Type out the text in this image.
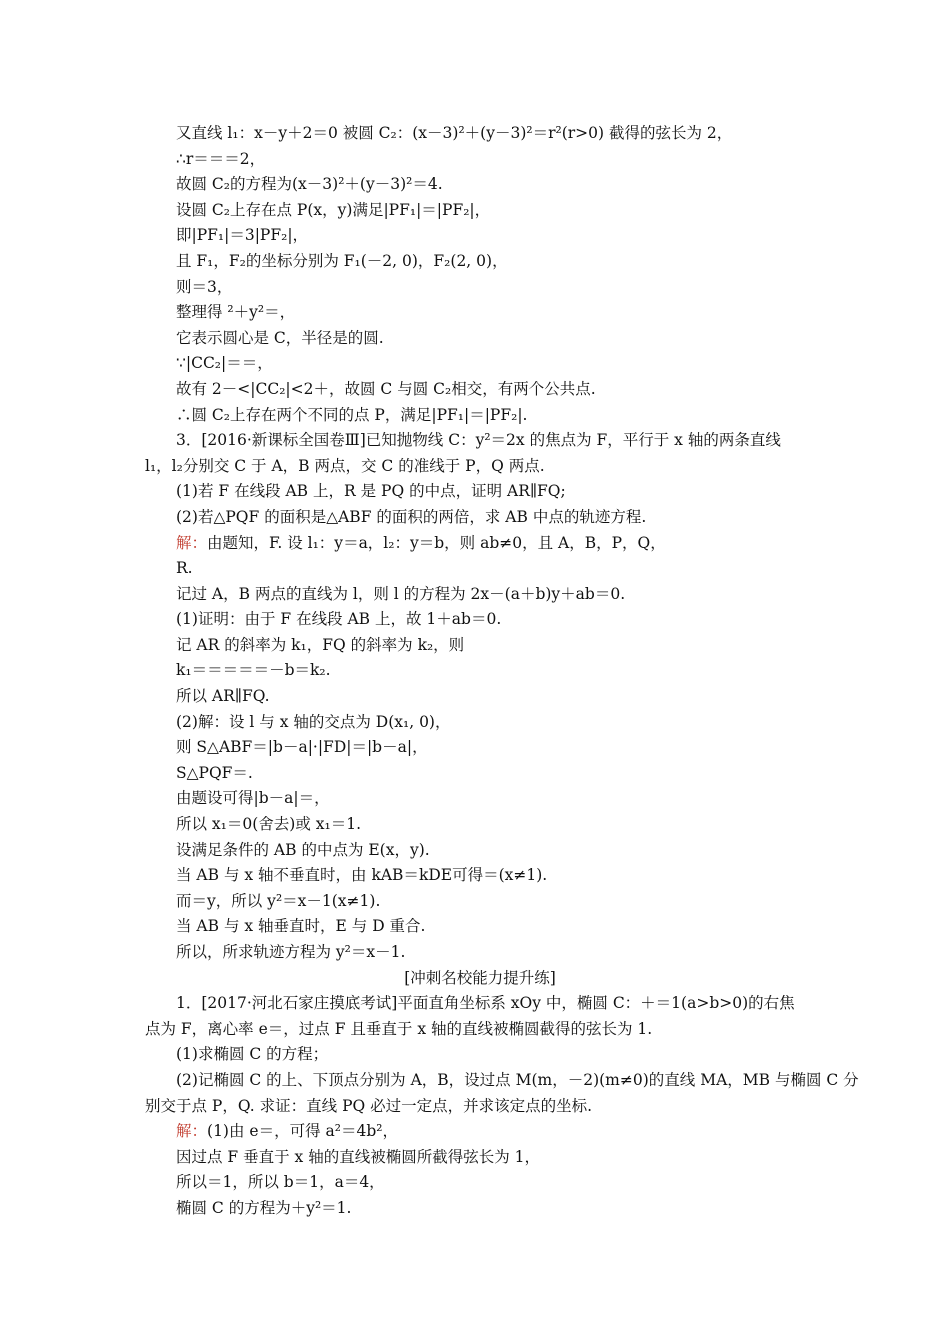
又直线 l₁：x－y＋2＝0 被圆 C₂：(x－3)²＋(y－3)²＝r²(r>0) 截得的弦长为 2，
∴r＝＝＝2，
故圆 C₂的方程为(x－3)²＋(y－3)²＝4.
设圆 C₂上存在点 P(x，y)满足|PF₁|＝|PF₂|，
即|PF₁|＝3|PF₂|，
且 F₁，F₂的坐标分别为 F₁(－2, 0)，F₂(2, 0)，
则＝3，
整理得 ²＋y²＝，
它表示圆心是 C，半径是的圆.
∵|CC₂|＝＝，
故有 2－<|CC₂|<2＋，故圆 C 与圆 C₂相交，有两个公共点.
∴圆 C₂上存在两个不同的点 P，满足|PF₁|＝|PF₂|.
3．[2016·新课标全国卷Ⅲ]已知抛物线 C：y²＝2x 的焦点为 F，平行于 x 轴的两条直线
l₁，l₂分别交 C 于 A，B 两点，交 C 的准线于 P，Q 两点.
(1)若 F 在线段 AB 上，R 是 PQ 的中点，证明 AR∥FQ;
(2)若△PQF 的面积是△ABF 的面积的两倍，求 AB 中点的轨迹方程.
解：由题知，F. 设 l₁：y＝a，l₂：y＝b，则 ab≠0，且 A，B，P，Q，
R.
记过 A，B 两点的直线为 l，则 l 的方程为 2x－(a＋b)y＋ab＝0.
(1)证明：由于 F 在线段 AB 上，故 1＋ab＝0.
记 AR 的斜率为 k₁，FQ 的斜率为 k₂，则
k₁＝＝＝＝＝－b＝k₂.
所以 AR∥FQ.
(2)解：设 l 与 x 轴的交点为 D(x₁, 0)，
则 S△ABF＝|b－a|·|FD|＝|b－a|，
S△PQF＝.
由题设可得|b－a|＝，
所以 x₁＝0(舍去)或 x₁＝1.
设满足条件的 AB 的中点为 E(x，y).
当 AB 与 x 轴不垂直时，由 kAB＝kDE可得＝(x≠1).
而＝y，所以 y²＝x－1(x≠1).
当 AB 与 x 轴垂直时，E 与 D 重合.
所以，所求轨迹方程为 y²＝x－1.
[冲刺名校能力提升练]
1．[2017·河北石家庄摸底考试]平面直角坐标系 xOy 中，椭圆 C：＋＝1(a>b>0)的右焦
点为 F，离心率 e＝，过点 F 且垂直于 x 轴的直线被椭圆截得的弦长为 1.
(1)求椭圆 C 的方程；
(2)记椭圆 C 的上、下顶点分别为 A，B，设过点 M(m，－2)(m≠0)的直线 MA，MB 与椭圆 C 分
别交于点 P，Q. 求证：直线 PQ 必过一定点，并求该定点的坐标.
解：(1)由 e＝，可得 a²＝4b²，
因过点 F 垂直于 x 轴的直线被椭圆所截得弦长为 1，
所以＝1，所以 b＝1，a＝4，
椭圆 C 的方程为＋y²＝1.
